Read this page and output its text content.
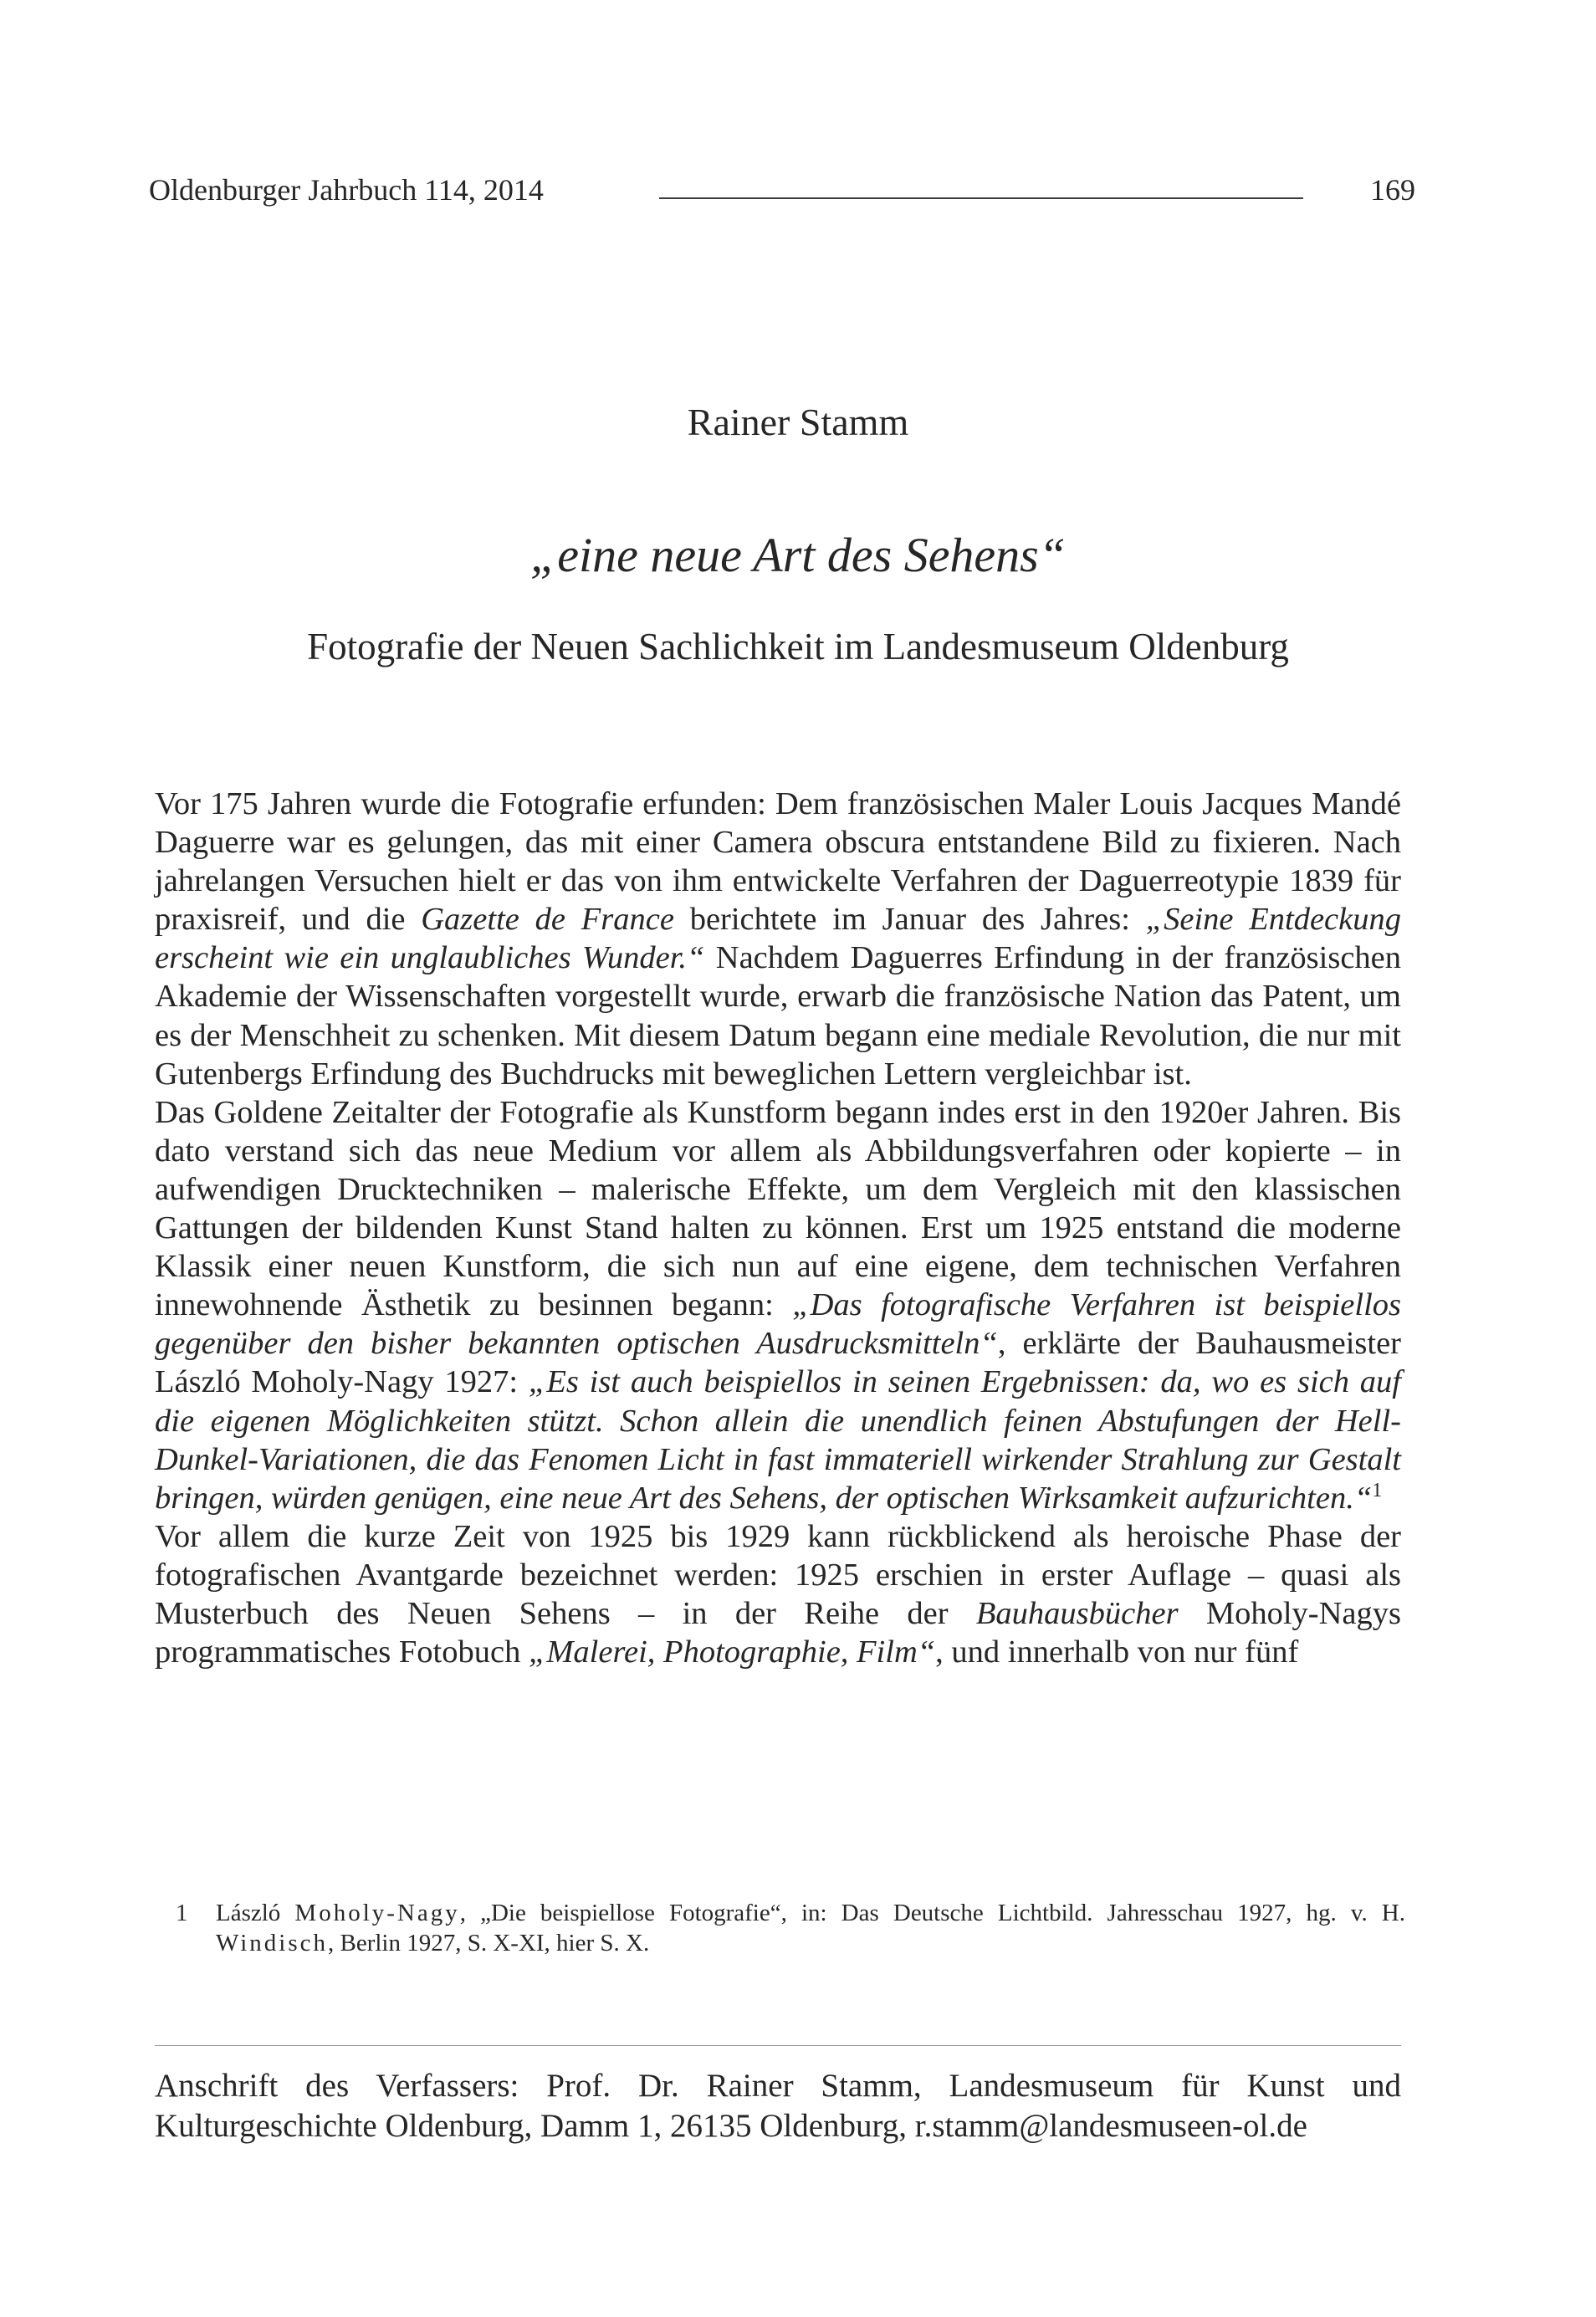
Oldenburger Jahrbuch 114, 2014	169
Rainer Stamm
„eine neue Art des Sehens“
Fotografie der Neuen Sachlichkeit im Landesmuseum Oldenburg

Vor 175 Jahren wurde die Fotografie erfunden: Dem französischen Maler Louis Jacques Mandé Daguerre war es gelungen, das mit einer Camera obscura entstandene Bild zu fixieren. Nach jahrelangen Versuchen hielt er das von ihm entwickelte Verfahren der Daguerreotypie 1839 für praxisreif, und die Gazette de France berichtete im Januar des Jahres: „Seine Entdeckung erscheint wie ein unglaubliches Wunder.“ Nachdem Daguerres Erfindung in der französischen Akademie der Wissenschaften vorgestellt wurde, erwarb die französische Nation das Patent, um es der Menschheit zu schenken. Mit diesem Datum begann eine mediale Revolution, die nur mit Gutenbergs Erfindung des Buchdrucks mit beweglichen Lettern vergleichbar ist.

Das Goldene Zeitalter der Fotografie als Kunstform begann indes erst in den 1920er Jahren. Bis dato verstand sich das neue Medium vor allem als Abbildungsverfahren oder kopierte – in aufwendigen Drucktechniken – malerische Effekte, um dem Vergleich mit den klassischen Gattungen der bildenden Kunst Stand halten zu können. Erst um 1925 entstand die moderne Klassik einer neuen Kunstform, die sich nun auf eine eigene, dem technischen Verfahren innewohnende Ästhetik zu besinnen begann: „Das fotografische Verfahren ist beispiellos gegenüber den bisher bekannten optischen Ausdrucksmitteln“, erklärte der Bauhausmeister László Moholy-Nagy 1927: „Es ist auch beispiellos in seinen Ergebnissen: da, wo es sich auf die eigenen Möglichkeiten stützt. Schon allein die unendlich feinen Abstufungen der Hell-Dunkel-Variationen, die das Fenomen Licht in fast immateriell wirkender Strahlung zur Gestalt bringen, würden genügen, eine neue Art des Sehens, der optischen Wirksamkeit aufzurichten.“$^1$

Vor allem die kurze Zeit von 1925 bis 1929 kann rückblickend als heroische Phase der fotografischen Avantgarde bezeichnet werden: 1925 erschien in erster Auflage – quasi als Musterbuch des Neuen Sehens – in der Reihe der Bauhausbücher Moholy-Nagys programmatisches Fotobuch „Malerei, Photographie, Film“, und innerhalb von nur fünf

1	László Moholy-Nagy, „Die beispiellose Fotografie“, in: Das Deutsche Lichtbild. Jahresschau 1927, hg. v. H. Windisch, Berlin 1927, S. X-XI, hier S. X.
Anschrift des Verfassers: Prof. Dr. Rainer Stamm, Landesmuseum für Kunst und Kulturgeschichte Oldenburg, Damm 1, 26135 Oldenburg, r.stamm@landesmuseen-ol.de
